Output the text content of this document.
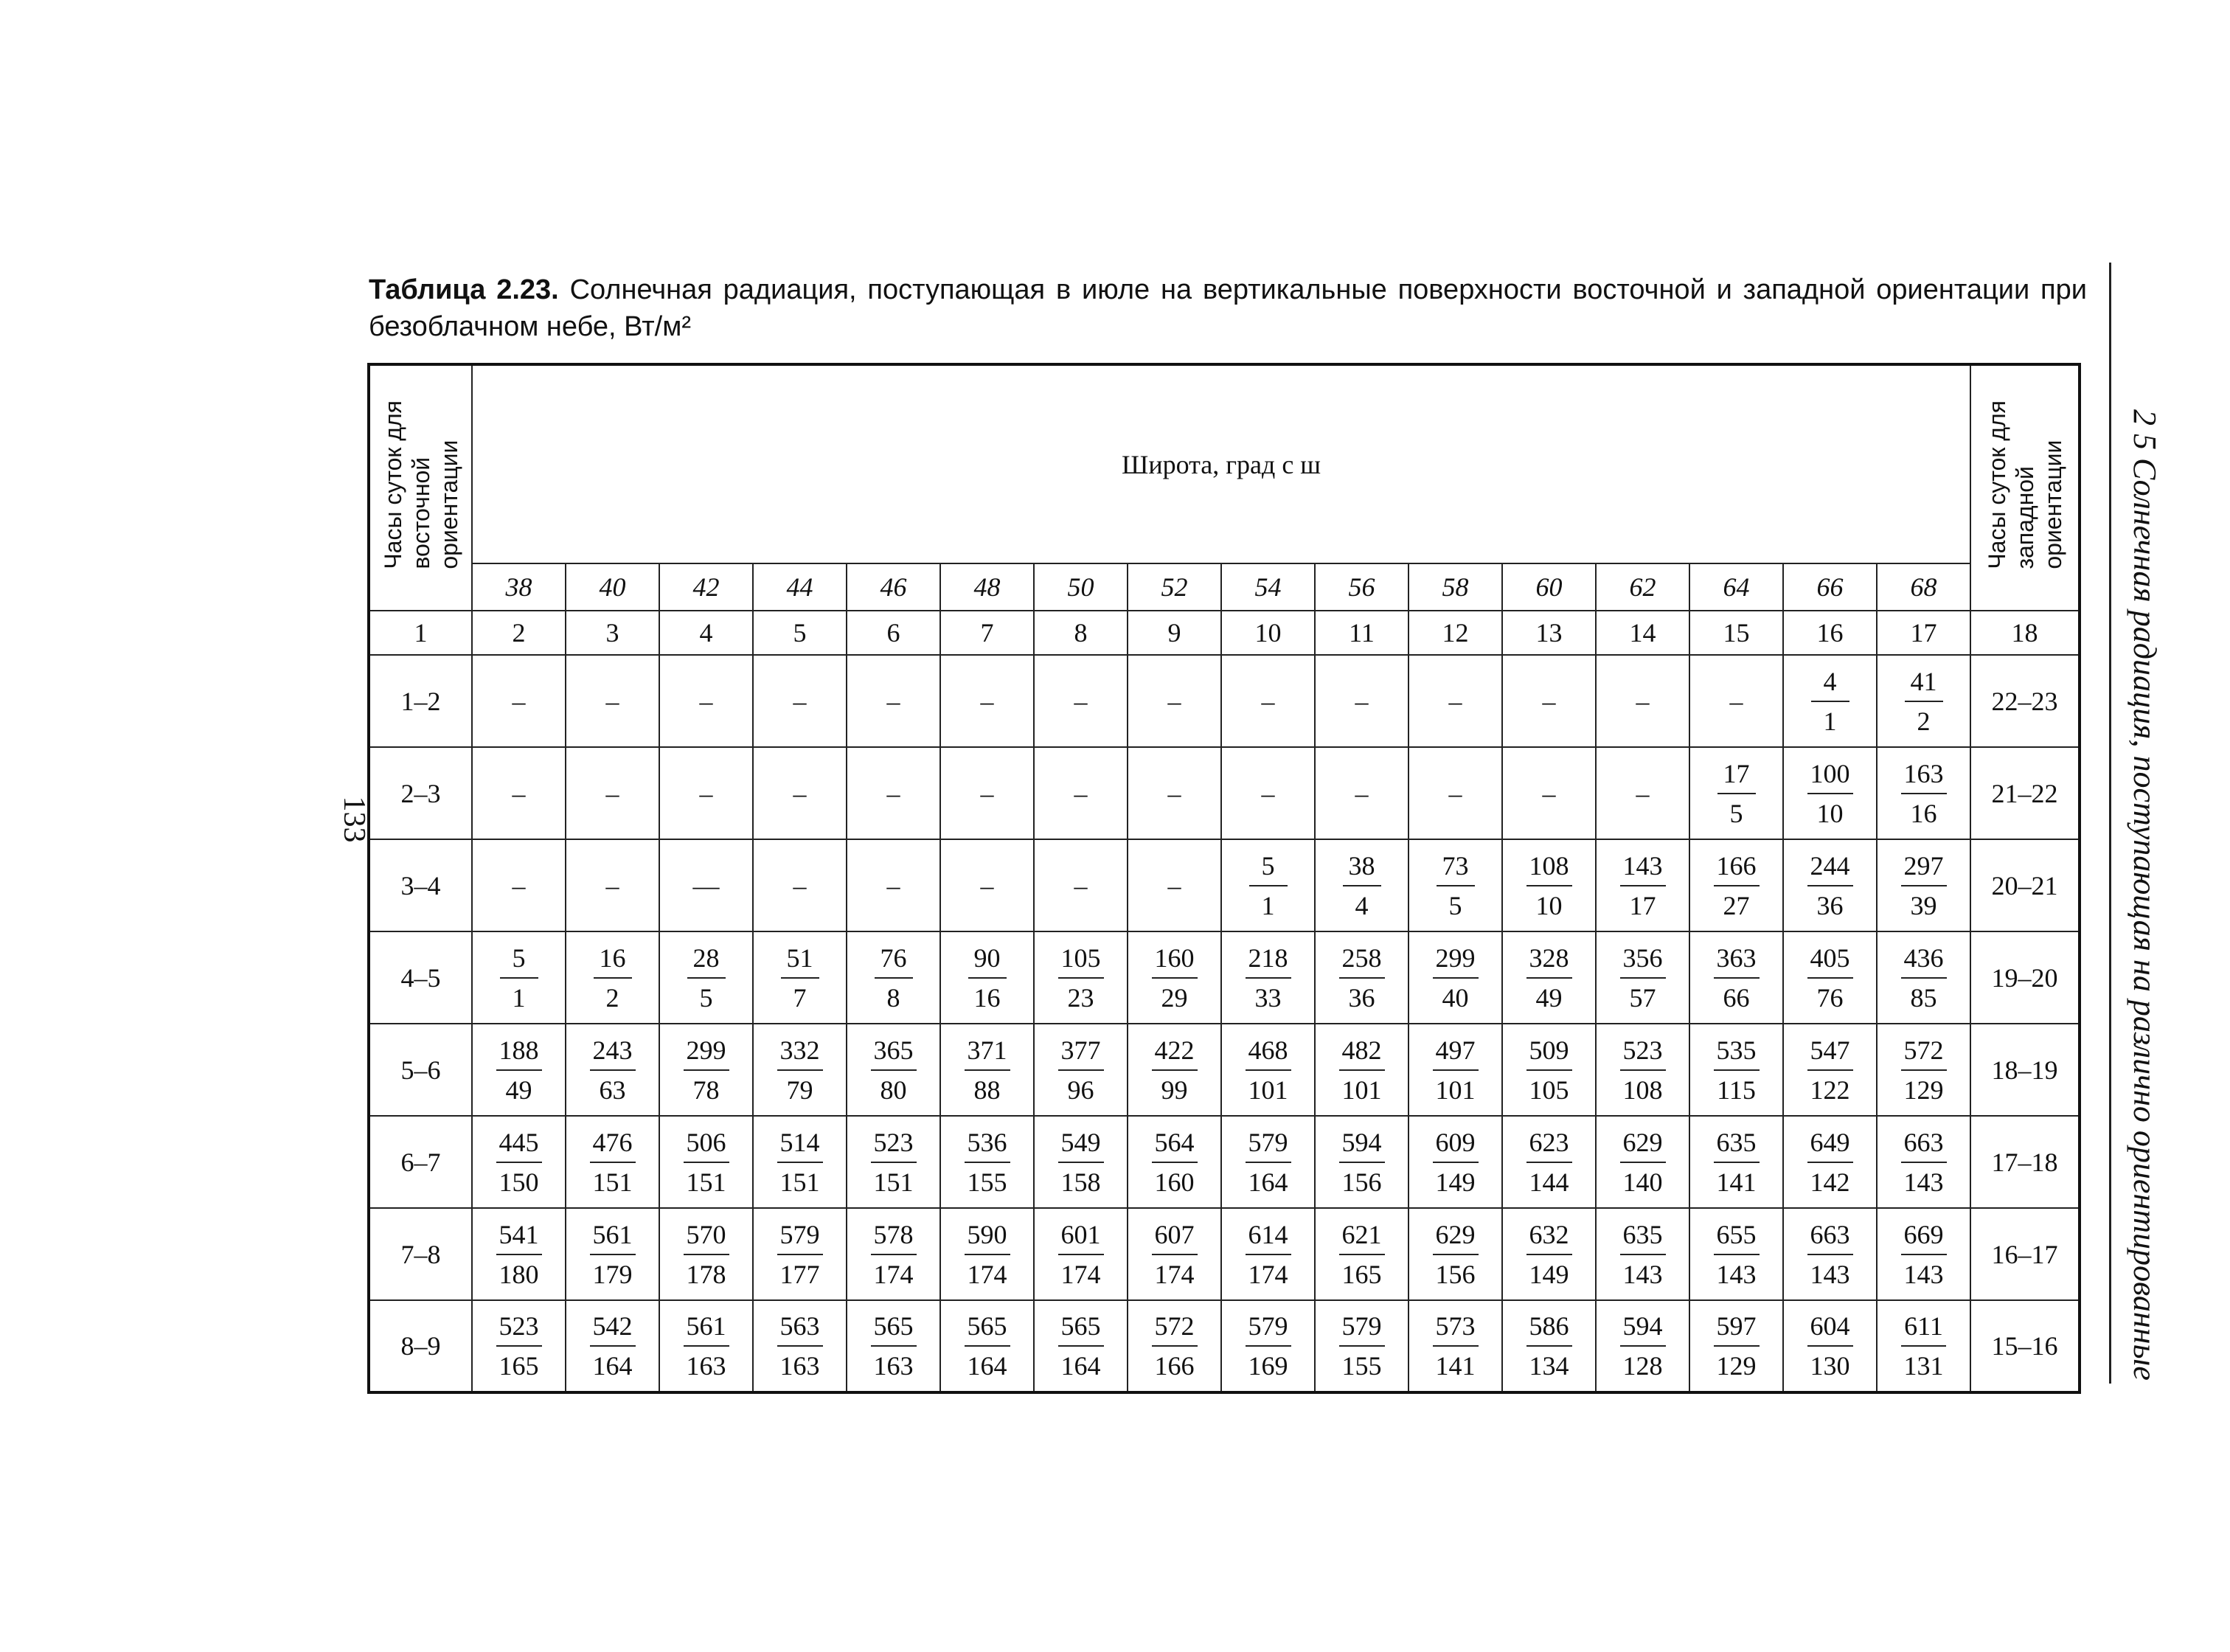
Таблица 2.23. Солнечная радиация, поступающая в июле на вертикальные поверхности восточной и западной ориентации при безоблачном небе, Вт/м²

2 5 Солнечная радиация, поступающая на различно ориентированные
133
Часы суток для
восточной
ориентации	Широта, град с ш																Часы суток для
западной
ориентации
	38	40	42	44	46	48	50	52	54	56	58	60	62	64	66	68	
1	2	3	4	5	6	7	8	9	10	11	12	13	14	15	16	17	18
1–2	–	–	–	–	–	–	–	–	–	–	–	–	–	–	$\frac{4}{1}$	$\frac{41}{2}$	22–23
2–3	–	–	–	–	–	–	–	–	–	–	–	–	–	$\frac{17}{5}$	$\frac{100}{10}$	$\frac{163}{16}$	21–22
3–4	–	–	—	–	–	–	–	–	$\frac{5}{1}$	$\frac{38}{4}$	$\frac{73}{5}$	$\frac{108}{10}$	$\frac{143}{17}$	$\frac{166}{27}$	$\frac{244}{36}$	$\frac{297}{39}$	20–21
4–5	$\frac{5}{1}$	$\frac{16}{2}$	$\frac{28}{5}$	$\frac{51}{7}$	$\frac{76}{8}$	$\frac{90}{16}$	$\frac{105}{23}$	$\frac{160}{29}$	$\frac{218}{33}$	$\frac{258}{36}$	$\frac{299}{40}$	$\frac{328}{49}$	$\frac{356}{57}$	$\frac{363}{66}$	$\frac{405}{76}$	$\frac{436}{85}$	19–20
5–6	$\frac{188}{49}$	$\frac{243}{63}$	$\frac{299}{78}$	$\frac{332}{79}$	$\frac{365}{80}$	$\frac{371}{88}$	$\frac{377}{96}$	$\frac{422}{99}$	$\frac{468}{101}$	$\frac{482}{101}$	$\frac{497}{101}$	$\frac{509}{105}$	$\frac{523}{108}$	$\frac{535}{115}$	$\frac{547}{122}$	$\frac{572}{129}$	18–19
6–7	$\frac{445}{150}$	$\frac{476}{151}$	$\frac{506}{151}$	$\frac{514}{151}$	$\frac{523}{151}$	$\frac{536}{155}$	$\frac{549}{158}$	$\frac{564}{160}$	$\frac{579}{164}$	$\frac{594}{156}$	$\frac{609}{149}$	$\frac{623}{144}$	$\frac{629}{140}$	$\frac{635}{141}$	$\frac{649}{142}$	$\frac{663}{143}$	17–18
7–8	$\frac{541}{180}$	$\frac{561}{179}$	$\frac{570}{178}$	$\frac{579}{177}$	$\frac{578}{174}$	$\frac{590}{174}$	$\frac{601}{174}$	$\frac{607}{174}$	$\frac{614}{174}$	$\frac{621}{165}$	$\frac{629}{156}$	$\frac{632}{149}$	$\frac{635}{143}$	$\frac{655}{143}$	$\frac{663}{143}$	$\frac{669}{143}$	16–17
8–9	$\frac{523}{165}$	$\frac{542}{164}$	$\frac{561}{163}$	$\frac{563}{163}$	$\frac{565}{163}$	$\frac{565}{164}$	$\frac{565}{164}$	$\frac{572}{166}$	$\frac{579}{169}$	$\frac{579}{155}$	$\frac{573}{141}$	$\frac{586}{134}$	$\frac{594}{128}$	$\frac{597}{129}$	$\frac{604}{130}$	$\frac{611}{131}$	15–16
